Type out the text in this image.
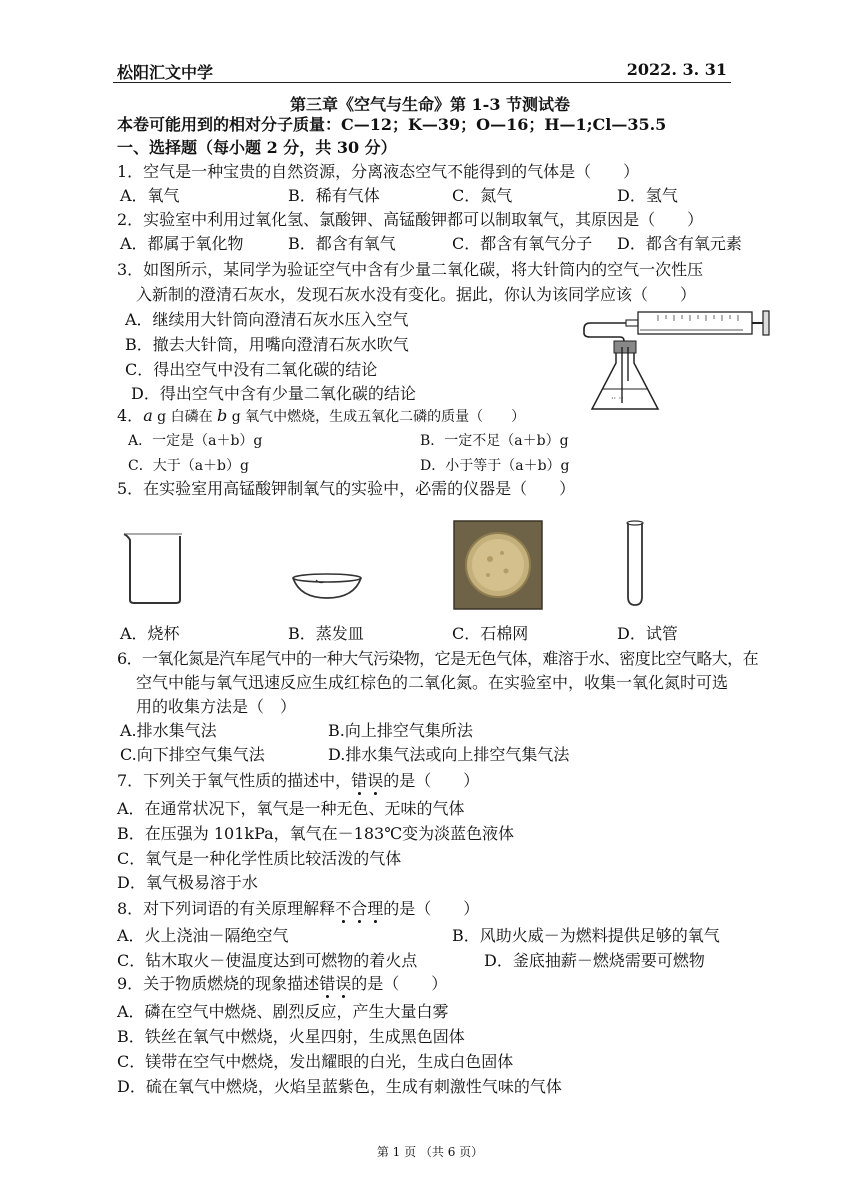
松阳汇文中学	2022. 3. 31
第三章《空气与生命》第 1-3 节测试卷
本卷可能用到的相对分子质量：C—12；K—39；O—16；H—1;Cl—35.5
一、选择题（每小题 2 分，共 30 分）
1．空气是一种宝贵的自然资源，分离液态空气不能得到的气体是（　　）
A．氧气	B．稀有气体	C．氮气	D．氢气
2．实验室中利用过氧化氢、氯酸钾、高锰酸钾都可以制取氧气，其原因是（　　）
A．都属于氧化物	B．都含有氧气	C．都含有氧气分子 D．都含有氧元素
3．如图所示，某同学为验证空气中含有少量二氧化碳，将大针筒内的空气一次性压
入新制的澄清石灰水，发现石灰水没有变化。据此，你认为该同学应该（　　）
A．继续用大针筒向澄清石灰水压入空气
B．撤去大针筒，用嘴向澄清石灰水吹气
C．得出空气中没有二氧化碳的结论
D．得出空气中含有少量二氧化碳的结论	·· ··
4．a g 白磷在 b g 氧气中燃烧，生成五氧化二磷的质量（　　）
A．一定是（a＋b）g	B．一定不足（a＋b）g
C．大于（a＋b）g	D．小于等于（a＋b）g
5．在实验室用高锰酸钾制氧气的实验中，必需的仪器是（　　）
A．烧杯	B．蒸发皿	C．石棉网	D．试管
6．一氧化氮是汽车尾气中的一种大气污染物，它是无色气体，难溶于水、密度比空气略大，在
空气中能与氧气迅速反应生成红棕色的二氧化氮。在实验室中，收集一氧化氮时可选
用的收集方法是（　）
A.排水集气法	B.向上排空气集所法
C.向下排空气集气法	D.排水集气法或向上排空气集气法
7．下列关于氧气性质的描述中，错误的是（　　）
A．在通常状况下，氧气是一种无色、无味的气体
B．在压强为 101kPa，氧气在－183℃变为淡蓝色液体
C．氧气是一种化学性质比较活泼的气体
D．氧气极易溶于水
8．对下列词语的有关原理解释不合理的是（　　）
A．火上浇油－隔绝空气	B．风助火威－为燃料提供足够的氧气
C．钻木取火－使温度达到可燃物的着火点	D．釜底抽薪－燃烧需要可燃物
9．关于物质燃烧的现象描述错误的是（　　）
A．磷在空气中燃烧、剧烈反应，产生大量白雾
B．铁丝在氧气中燃烧，火星四射，生成黑色固体
C．镁带在空气中燃烧，发出耀眼的白光，生成白色固体
D．硫在氧气中燃烧，火焰呈蓝紫色，生成有刺激性气味的气体
第 1 页 （共 6 页）
